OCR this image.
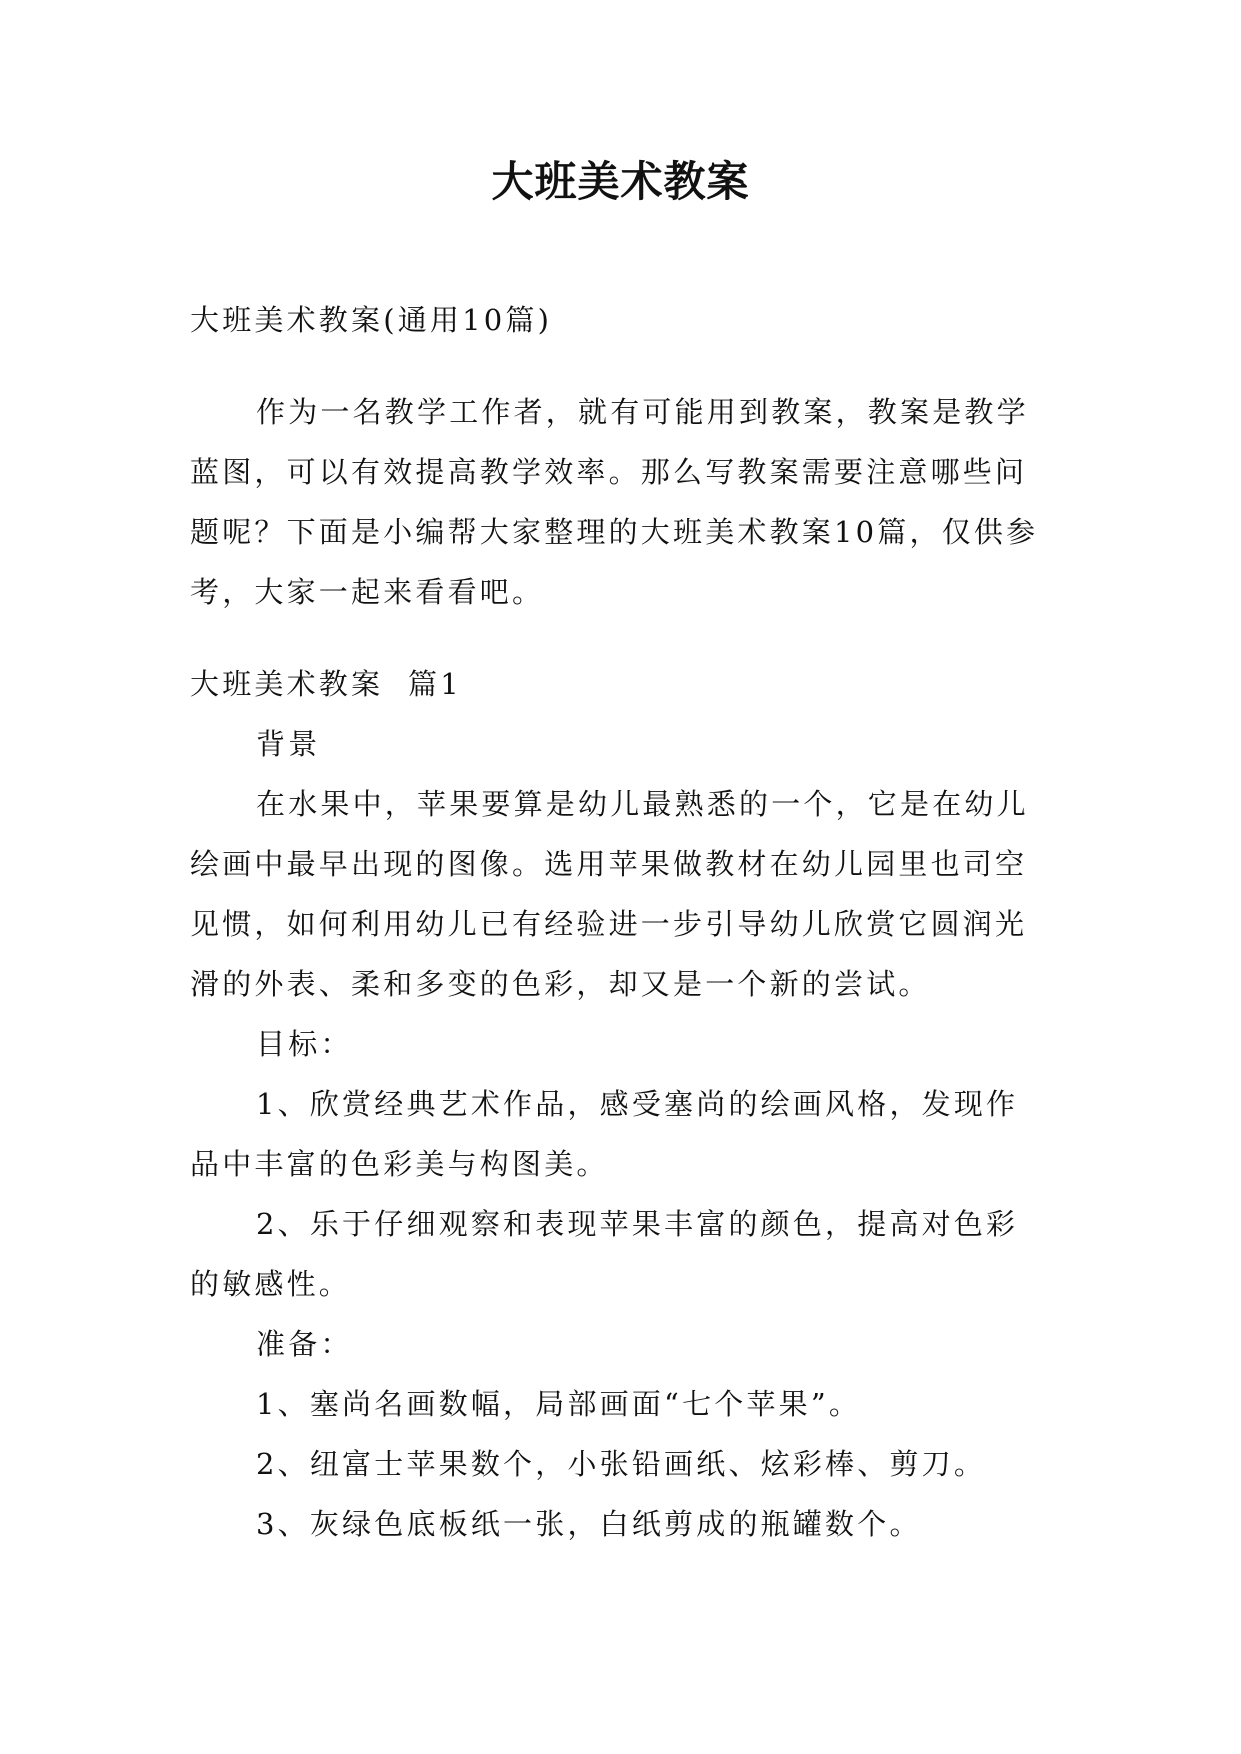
大班美术教案

大班美术教案(通用10篇)

作为一名教学工作者，就有可能用到教案，教案是教学蓝图，可以有效提高教学效率。那么写教案需要注意哪些问题呢？下面是小编帮大家整理的大班美术教案10篇，仅供参考，大家一起来看看吧。

大班美术教案  篇1

背景

在水果中，苹果要算是幼儿最熟悉的一个，它是在幼儿绘画中最早出现的图像。选用苹果做教材在幼儿园里也司空见惯，如何利用幼儿已有经验进一步引导幼儿欣赏它圆润光滑的外表、柔和多变的色彩，却又是一个新的尝试。

目标：

1、欣赏经典艺术作品，感受塞尚的绘画风格，发现作品中丰富的色彩美与构图美。

2、乐于仔细观察和表现苹果丰富的颜色，提高对色彩的敏感性。

准备：

1、塞尚名画数幅，局部画面“七个苹果”。

2、纽富士苹果数个，小张铅画纸、炫彩棒、剪刀。

3、灰绿色底板纸一张，白纸剪成的瓶罐数个。
